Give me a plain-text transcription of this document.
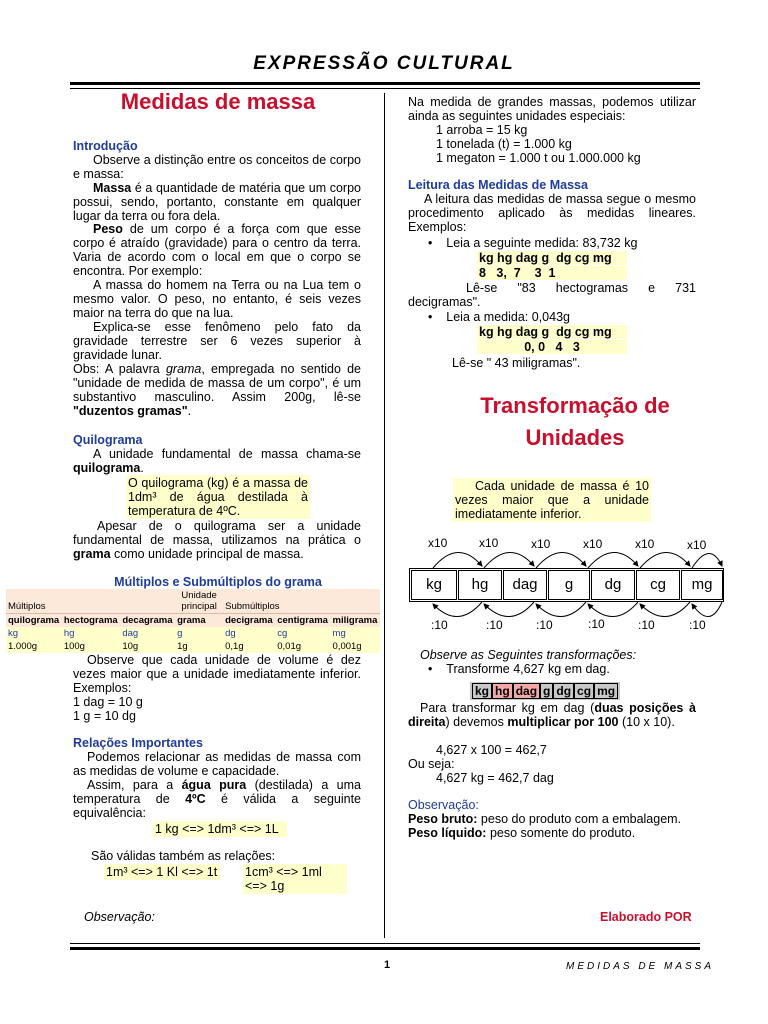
EXPRESSÃO CULTURAL
Medidas de massa
Introdução
Observe a distinção entre os conceitos de corpo e massa:
Massa é a quantidade de matéria que um corpo possui, sendo, portanto, constante em qualquer lugar da terra ou fora dela.
Peso de um corpo é a força com que esse corpo é atraído (gravidade) para o centro da terra. Varia de acordo com o local em que o corpo se encontra. Por exemplo:
A massa do homem na Terra ou na Lua tem o mesmo valor. O peso, no entanto, é seis vezes maior na terra do que na lua.
Explica-se esse fenômeno pelo fato da gravidade terrestre ser 6 vezes superior à gravidade lunar.
Obs: A palavra grama, empregada no sentido de "unidade de medida de massa de um corpo", é um substantivo masculino. Assim 200g, lê-se "duzentos gramas".
Quilograma
A unidade fundamental de massa chama-se quilograma.
O quilograma (kg) é a massa de 1dm³ de água destilada à temperatura de 4ºC.
Apesar de o quilograma ser a unidade fundamental de massa, utilizamos na prática o grama como unidade principal de massa.
Múltiplos e Submúltiplos do grama
Múltiplos			Unidade principal	Submúltiplos		
quilograma	hectograma	decagrama	grama	decigrama	centigrama	miligrama
kg	hg	dag	g	dg	cg	mg
1.000g	100g	10g	1g	0,1g	0,01g	0,001g
Observe que cada unidade de volume é dez vezes maior que a unidade imediatamente inferior. Exemplos:
1 dag = 10 g
1 g = 10 dg
Relações Importantes
Podemos relacionar as medidas de massa com as medidas de volume e capacidade.
Assim, para a água pura (destilada) a uma temperatura de 4ºC é válida a seguinte equivalência:
1 kg <=> 1dm³ <=> 1L
São válidas também as relações:
1m³ <=> 1 Kl <=> 1t 1cm³ <=> 1ml <=> 1g
Observação:
Na medida de grandes massas, podemos utilizar ainda as seguintes unidades especiais:
1 arroba = 15 kg
1 tonelada (t) = 1.000 kg
1 megaton = 1.000 t ou 1.000.000 kg
Leitura das Medidas de Massa
A leitura das medidas de massa segue o mesmo procedimento aplicado às medidas lineares. Exemplos:
•    Leia a seguinte medida: 83,732 kg
kg hg dag g  dg cg mg
8   3,  7    3  1
Lê-se "83 hectogramas e 731 decigramas".
•    Leia a medida: 0,043g
kg hg dag g  dg cg mg
0, 0   4   3
Lê-se " 43 miligramas".
Transformação de
Unidades
Cada unidade de massa é 10 vezes maior que a unidade imediatamente inferior.
x10	x10	x10	x10	x10	x10
kg	hg	dag	g	dg	cg	mg
:10	:10	:10	:10	:10	:10
Observe as Seguintes transformações:
•    Transforme 4,627 kg em dag.
kg hg dag g dg cg mg
Para transformar kg em dag (duas posições à direita) devemos multiplicar por 100 (10 x 10).
4,627 x 100 = 462,7
Ou seja:
4,627 kg = 462,7 dag
Observação:
Peso bruto: peso do produto com a embalagem.
Peso líquido: peso somente do produto.
Elaborado POR
1	MEDIDAS DE MASSA
